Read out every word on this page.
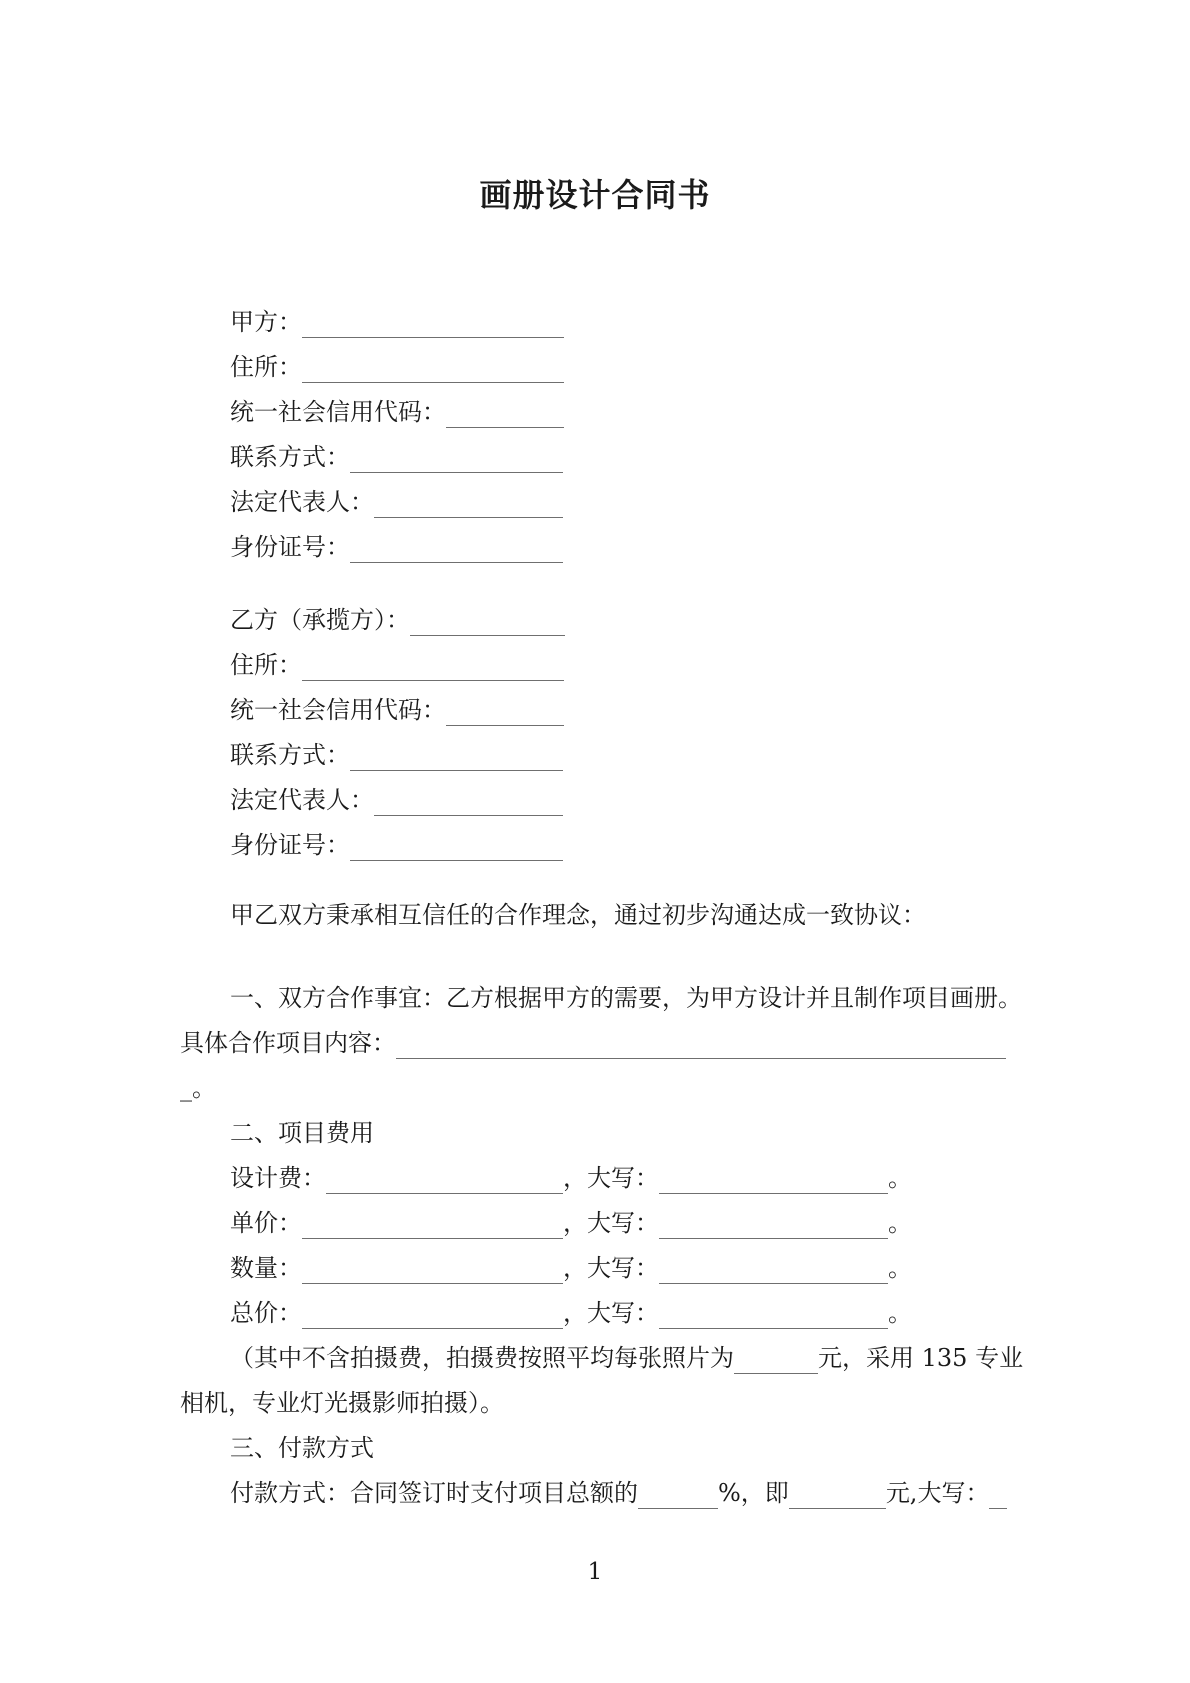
画册设计合同书
甲方：
住所：
统一社会信用代码：
联系方式：
法定代表人：
身份证号：
乙方（承揽方）：
住所：
统一社会信用代码：
联系方式：
法定代表人：
身份证号：
甲乙双方秉承相互信任的合作理念，通过初步沟通达成一致协议：
一、双方合作事宜：乙方根据甲方的需要，为甲方设计并且制作项目画册。
具体合作项目内容：
_。
二、项目费用
设计费：	，大写：	。
单价：	，大写：	。
数量：	，大写：	。
总价：	，大写：	。
（其中不含拍摄费，拍摄费按照平均每张照片为	元，采用 135 专业
相机，专业灯光摄影师拍摄）。
三、付款方式
付款方式：合同签订时支付项目总额的	%，即	元,大写：
1
